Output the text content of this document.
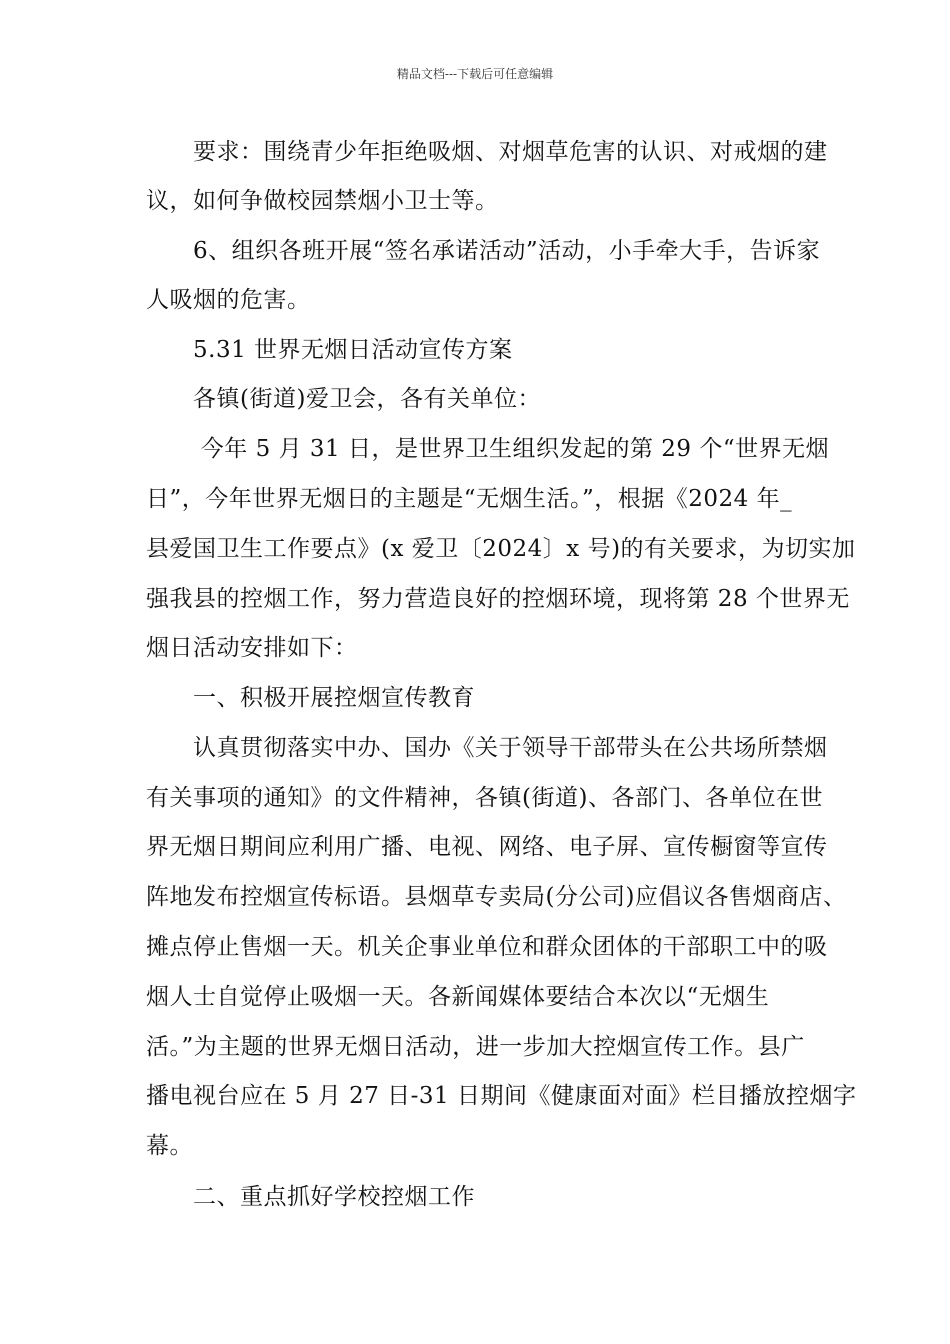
精品文档---下载后可任意编辑
　　要求：围绕青少年拒绝吸烟、对烟草危害的认识、对戒烟的建
议，如何争做校园禁烟小卫士等。
　　6、组织各班开展“签名承诺活动”活动，小手牵大手，告诉家
人吸烟的危害。
　　5.31 世界无烟日活动宣传方案
　　各镇(街道)爱卫会，各有关单位：
　　 今年 5 月 31 日，是世界卫生组织发起的第 29 个“世界无烟
日”，今年世界无烟日的主题是“无烟生活。”，根据《2024 年_
县爱国卫生工作要点》(x 爱卫〔2024〕x 号)的有关要求，为切实加
强我县的控烟工作，努力营造良好的控烟环境，现将第 28 个世界无
烟日活动安排如下：
　　一、积极开展控烟宣传教育
　　认真贯彻落实中办、国办《关于领导干部带头在公共场所禁烟
有关事项的通知》的文件精神，各镇(街道)、各部门、各单位在世
界无烟日期间应利用广播、电视、网络、电子屏、宣传橱窗等宣传
阵地发布控烟宣传标语。县烟草专卖局(分公司)应倡议各售烟商店、
摊点停止售烟一天。机关企事业单位和群众团体的干部职工中的吸
烟人士自觉停止吸烟一天。各新闻媒体要结合本次以“无烟生
活。”为主题的世界无烟日活动，进一步加大控烟宣传工作。县广
播电视台应在 5 月 27 日-31 日期间《健康面对面》栏目播放控烟字
幕。
　　二、重点抓好学校控烟工作
